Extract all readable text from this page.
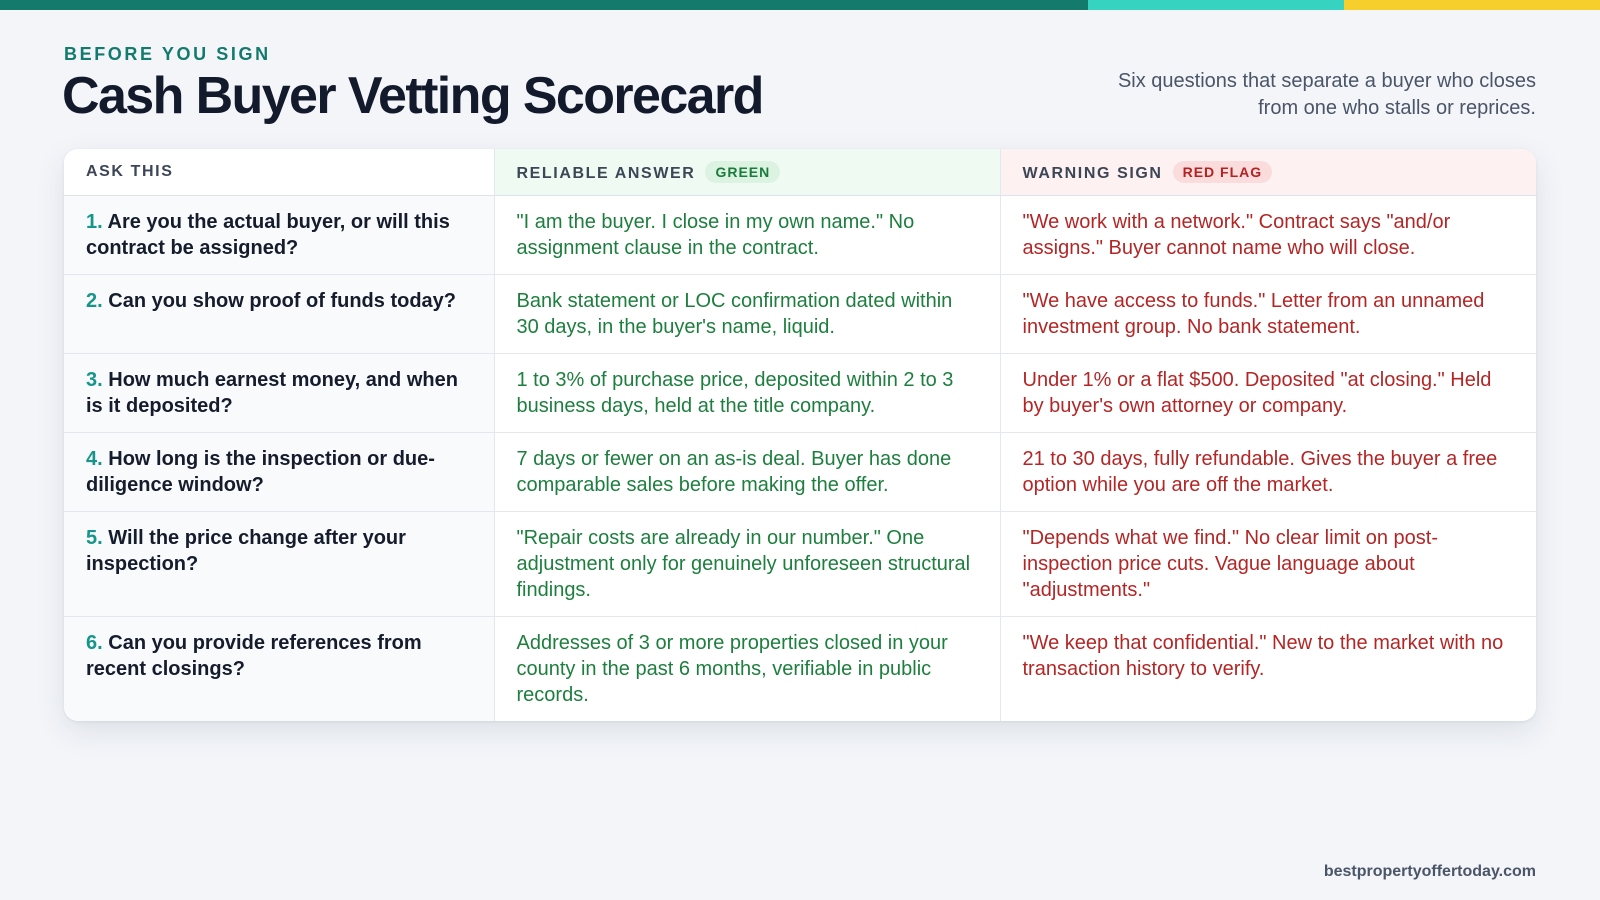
BEFORE YOU SIGN
Cash Buyer Vetting Scorecard	Six questions that separate a buyer who closes
from one who stalls or reprices.
ASK THIS	RELIABLE ANSWER GREEN	WARNING SIGN RED FLAG
1. Are you the actual buyer, or will this contract be assigned?	"I am the buyer. I close in my own name." No assignment clause in the contract.	"We work with a network." Contract says "and/or assigns." Buyer cannot name who will close.
2. Can you show proof of funds today?	Bank statement or LOC confirmation dated within 30 days, in the buyer's name, liquid.	"We have access to funds." Letter from an unnamed investment group. No bank statement.
3. How much earnest money, and when is it deposited?	1 to 3% of purchase price, deposited within 2 to 3 business days, held at the title company.	Under 1% or a flat $500. Deposited "at closing." Held by buyer's own attorney or company.
4. How long is the inspection or due-diligence window?	7 days or fewer on an as-is deal. Buyer has done comparable sales before making the offer.	21 to 30 days, fully refundable. Gives the buyer a free option while you are off the market.
5. Will the price change after your inspection?	"Repair costs are already in our number." One adjustment only for genuinely unforeseen structural findings.	"Depends what we find." No clear limit on post-inspection price cuts. Vague language about "adjustments."
6. Can you provide references from recent closings?	Addresses of 3 or more properties closed in your county in the past 6 months, verifiable in public records.	"We keep that confidential." New to the market with no transaction history to verify.
bestpropertyoffertoday.com
